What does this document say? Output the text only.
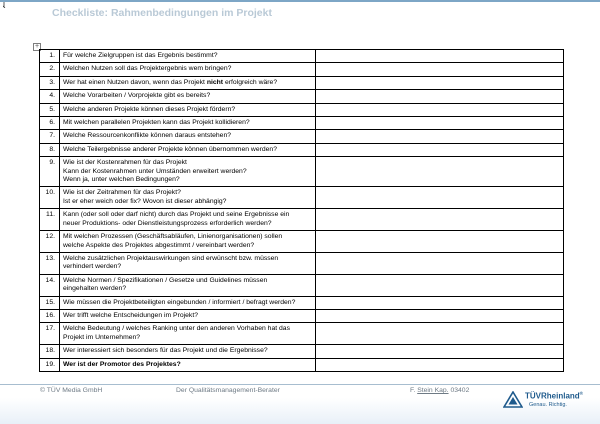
Checkliste: Rahmenbedingungen im Projekt
+
1.	Für welche Zielgruppen ist das Ergebnis bestimmt?	
2.	Welchen Nutzen soll das Projektergebnis wem bringen?	
3.	Wer hat einen Nutzen davon, wenn das Projekt nicht erfolgreich wäre?	
4.	Welche Vorarbeiten / Vorprojekte gibt es bereits?	
5.	Welche anderen Projekte können dieses Projekt fördern?	
6.	Mit welchen parallelen Projekten kann das Projekt kollidieren?	
7.	Welche Ressourcenkonflikte können daraus entstehen?	
8.	Welche Teilergebnisse anderer Projekte können übernommen werden?	
9.	Wie ist der Kostenrahmen für das Projekt
Kann der Kostenrahmen unter Umständen erweitert werden?
Wenn ja, unter welchen Bedingungen?	

10.	Wie ist der Zeitrahmen für das Projekt?
Ist er eher weich oder fix? Wovon ist dieser abhängig?	

11.	Kann (oder soll oder darf nicht) durch das Projekt und seine Ergebnisse ein
neuer Produktions- oder Dienstleistungsprozess erforderlich werden?	

12.	Mit welchen Prozessen (Geschäftsabläufen, Linienorganisationen) sollen
welche Aspekte des Projektes abgestimmt / vereinbart werden?	

13.	Welche zusätzlichen Projektauswirkungen sind erwünscht bzw. müssen
verhindert werden?	

14.	Welche Normen / Spezifikationen / Gesetze und Guidelines müssen
eingehalten werden?	

15.	Wie müssen die Projektbeteiligten eingebunden / informiert / befragt werden?	
16.	Wer trifft welche Entscheidungen im Projekt?	
17.	Welche Bedeutung / welches Ranking unter den anderen Vorhaben hat das
Projekt im Unternehmen?	

18.	Wer interessiert sich besonders für das Projekt und die Ergebnisse?	
19.	Wer ist der Promotor des Projektes?	
© TÜV Media GmbH	Der Qualitätsmanagement-Berater	F. Stein Kap. 03402
TÜVRheinland®
Genau. Richtig.
